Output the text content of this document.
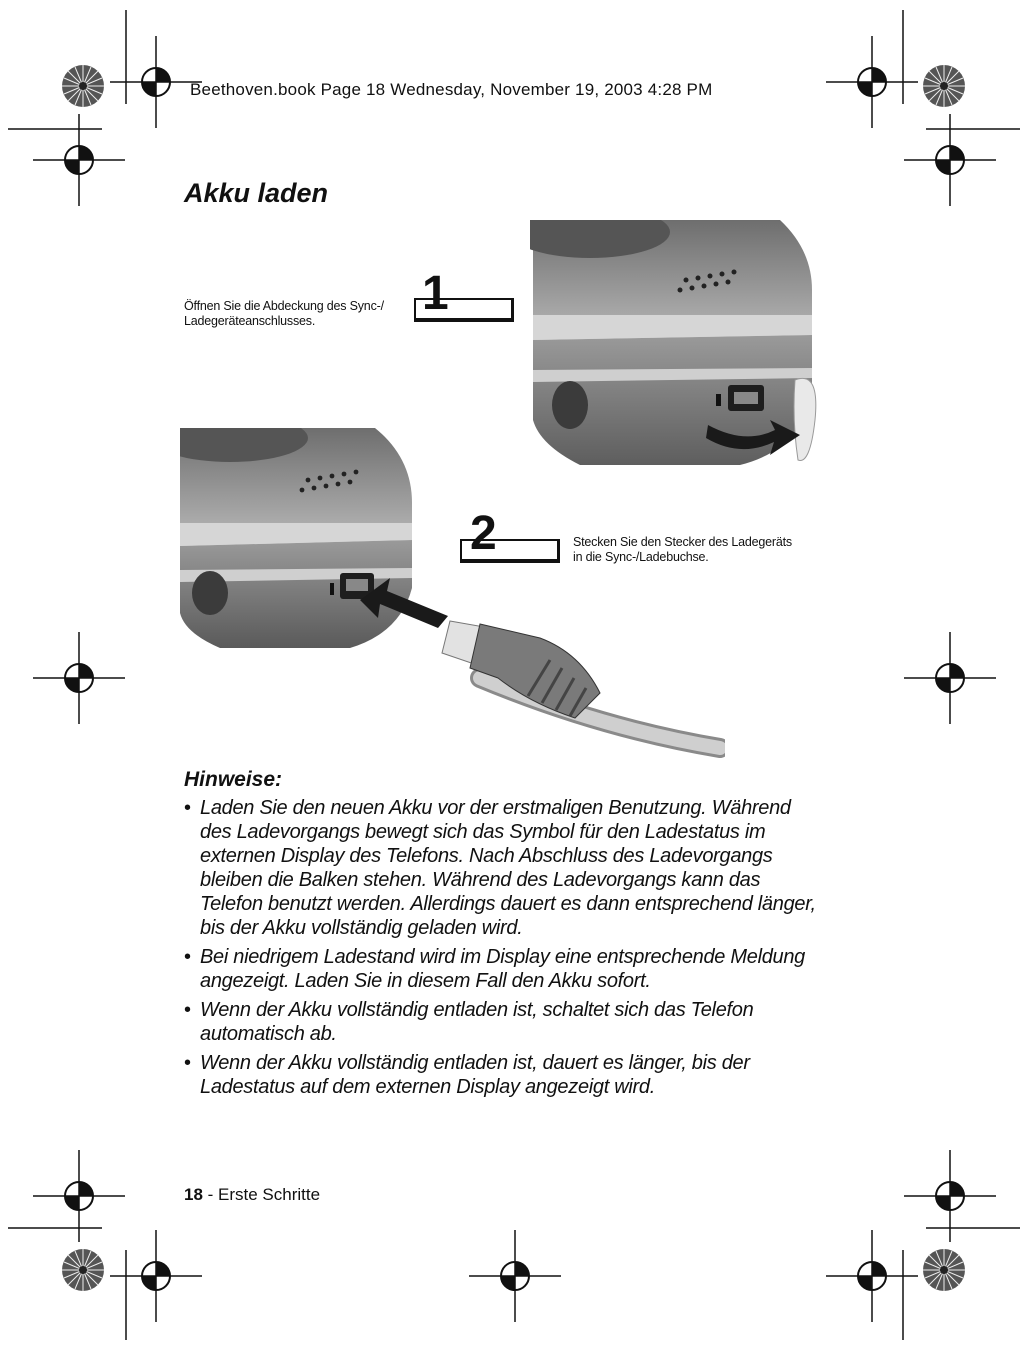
Beethoven.book Page 18 Wednesday, November 19, 2003 4:28 PM
Akku laden
1
Öffnen Sie die Abdeckung des Sync-/ Ladegeräteanschlusses.
2	Stecken Sie den Stecker des Ladegeräts in die Sync-/Ladebuchse.
Hinweise:
• Laden Sie den neuen Akku vor der erstmaligen Benutzung. Während des Ladevorgangs bewegt sich das Symbol für den Ladestatus im externen Display des Telefons. Nach Abschluss des Ladevorgangs bleiben die Balken stehen. Während des Ladevorgangs kann das Telefon benutzt werden. Allerdings dauert es dann entsprechend länger, bis der Akku vollständig geladen wird.
• Bei niedrigem Ladestand wird im Display eine entsprechende Meldung angezeigt. Laden Sie in diesem Fall den Akku sofort.
• Wenn der Akku vollständig entladen ist, schaltet sich das Telefon automatisch ab.
• Wenn der Akku vollständig entladen ist, dauert es länger, bis der Ladestatus auf dem externen Display angezeigt wird.
18 - Erste Schritte
